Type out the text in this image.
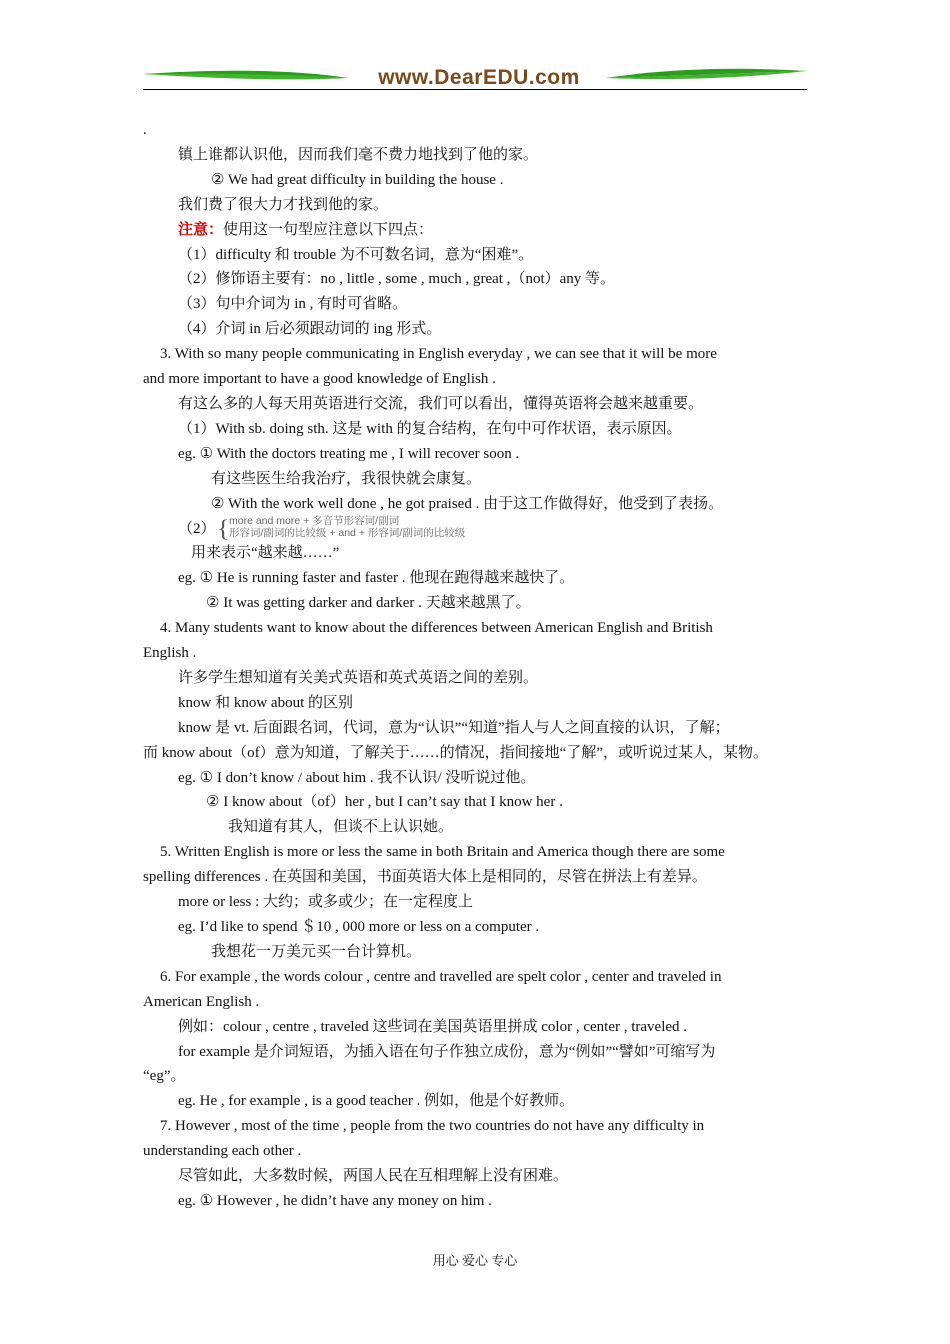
www.DearEDU.com
.
镇上谁都认识他，因而我们毫不费力地找到了他的家。
② We had great difficulty in building the house .
我们费了很大力才找到他的家。
注意：使用这一句型应注意以下四点：
（1）difficulty 和 trouble 为不可数名词，意为“困难”。
（2）修饰语主要有：no , little , some , much , great ,（not）any 等。
（3）句中介词为 in , 有时可省略。
（4）介词 in 后必须跟动词的 ing 形式。
3. With so many people communicating in English everyday , we can see that it will be more
and more important to have a good knowledge of English .
有这么多的人每天用英语进行交流，我们可以看出，懂得英语将会越来越重要。
（1）With sb. doing sth. 这是 with 的复合结构，在句中可作状语，表示原因。
eg. ① With the doctors treating me , I will recover soon .
有这些医生给我治疗，我很快就会康复。
② With the work well done , he got praised . 由于这工作做得好，他受到了表扬。
（2） { more and more + 多音节形容词/副词
形容词/副词的比较级 + and + 形容词/副词的比较级
用来表示“越来越……”
eg. ① He is running faster and faster . 他现在跑得越来越快了。
② It was getting darker and darker . 天越来越黑了。
4. Many students want to know about the differences between American English and British
English .
许多学生想知道有关美式英语和英式英语之间的差别。
know 和 know about 的区别
know 是 vt. 后面跟名词，代词，意为“认识”“知道”指人与人之间直接的认识，了解；
而 know about（of）意为知道，了解关于……的情况，指间接地“了解”，或听说过某人，某物。
eg. ① I don’t know / about him . 我不认识/ 没听说过他。
② I know about（of）her , but I can’t say that I know her .
我知道有其人，但谈不上认识她。
5. Written English is more or less the same in both Britain and America though there are some
spelling differences . 在英国和美国，书面英语大体上是相同的，尽管在拼法上有差异。
more or less : 大约；或多或少；在一定程度上
eg. I’d like to spend ＄10 , 000 more or less on a computer .
我想花一万美元买一台计算机。
6. For example , the words colour , centre and travelled are spelt color , center and traveled in
American English .
例如：colour , centre , traveled 这些词在美国英语里拼成 color , center , traveled .
for example 是介词短语，为插入语在句子作独立成份，意为“例如”“譬如”可缩写为
“eg”。
eg. He , for example , is a good teacher . 例如，他是个好教师。
7. However , most of the time , people from the two countries do not have any difficulty in
understanding each other .
尽管如此，大多数时候，两国人民在互相理解上没有困难。
eg. ① However , he didn’t have any money on him .
用心 爱心 专心
